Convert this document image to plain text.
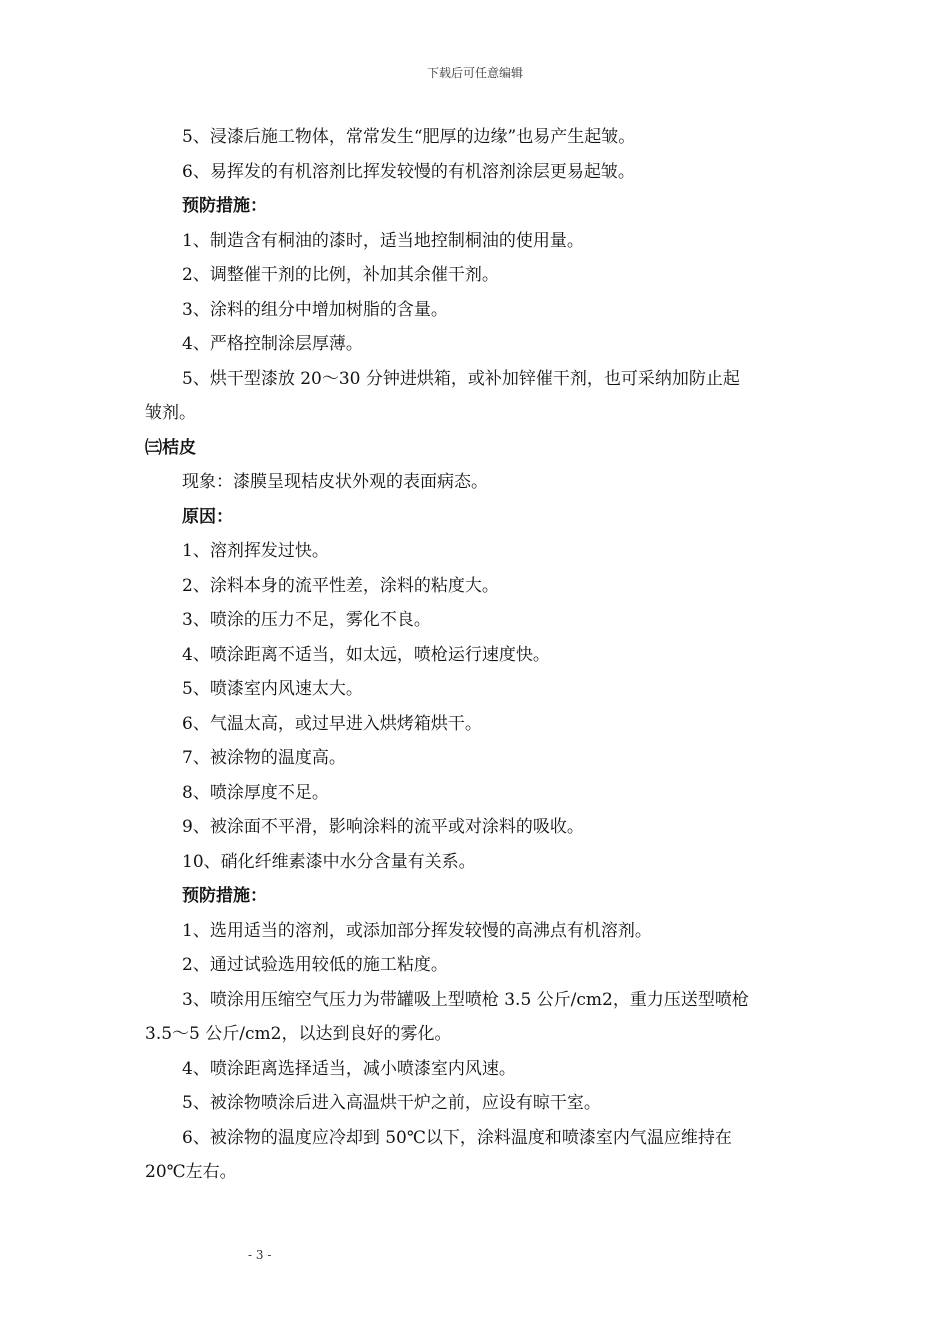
下载后可任意编辑
5、浸漆后施工物体，常常发生“肥厚的边缘”也易产生起皱。
6、易挥发的有机溶剂比挥发较慢的有机溶剂涂层更易起皱。
预防措施：
1、制造含有桐油的漆时，适当地控制桐油的使用量。
2、调整催干剂的比例，补加其余催干剂。
3、涂料的组分中增加树脂的含量。
4、严格控制涂层厚薄。
5、烘干型漆放 20～30 分钟进烘箱，或补加锌催干剂，也可采纳加防止起
皱剂。
㈢桔皮
现象：漆膜呈现桔皮状外观的表面病态。
原因：
1、溶剂挥发过快。
2、涂料本身的流平性差，涂料的粘度大。
3、喷涂的压力不足，雾化不良。
4、喷涂距离不适当，如太远，喷枪运行速度快。
5、喷漆室内风速太大。
6、气温太高，或过早进入烘烤箱烘干。
7、被涂物的温度高。
8、喷涂厚度不足。
9、被涂面不平滑，影响涂料的流平或对涂料的吸收。
10、硝化纤维素漆中水分含量有关系。
预防措施：
1、选用适当的溶剂，或添加部分挥发较慢的高沸点有机溶剂。
2、通过试验选用较低的施工粘度。
3、喷涂用压缩空气压力为带罐吸上型喷枪 3.5 公斤/cm2，重力压送型喷枪
3.5～5 公斤/cm2，以达到良好的雾化。
4、喷涂距离选择适当，减小喷漆室内风速。
5、被涂物喷涂后进入高温烘干炉之前，应设有晾干室。
6、被涂物的温度应冷却到 50℃以下，涂料温度和喷漆室内气温应维持在
20℃左右。
- 3 -
